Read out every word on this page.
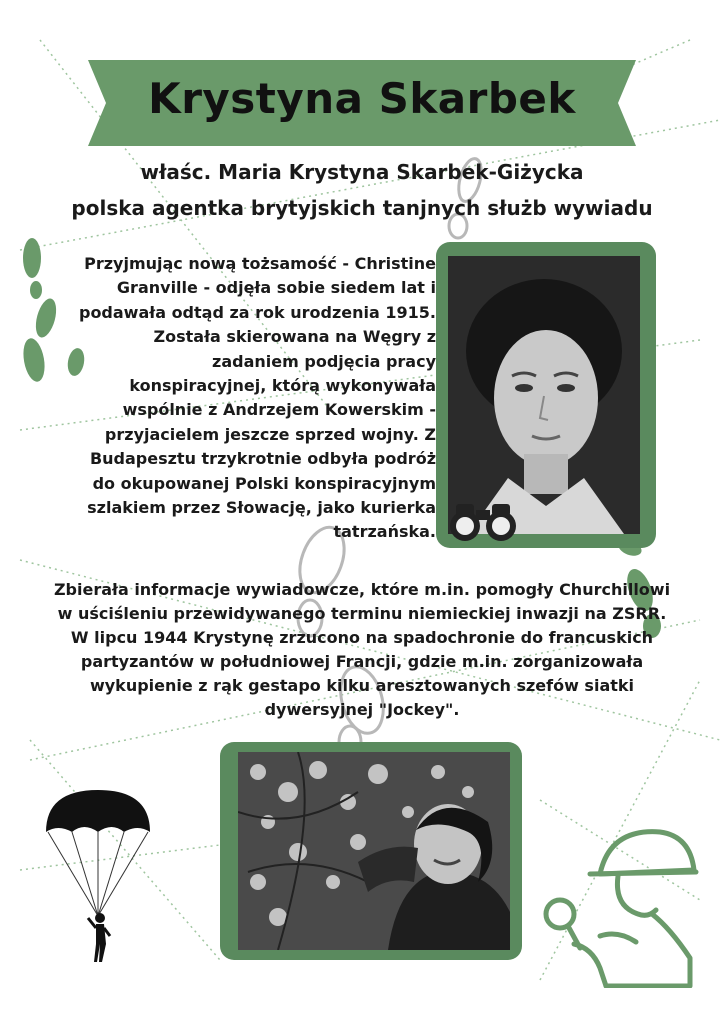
Krystyna Skarbek
właśc. Maria Krystyna Skarbek-Giżycka
polska agentka brytyjskich tanjnych służb wywiadu
Przyjmując nową tożsamość - Christine
Granville - odjęła sobie siedem lat i
podawała odtąd za rok urodzenia 1915.
Została skierowana na Węgry z
zadaniem podjęcia pracy
konspiracyjnej, którą wykonywała
wspólnie z Andrzejem Kowerskim -
przyjacielem jeszcze sprzed wojny. Z
Budapesztu trzykrotnie odbyła podróż
do okupowanej Polski konspiracyjnym
szlakiem przez Słowację, jako kurierka
tatrzańska.
Zbierała informacje wywiadowcze, które m.in. pomogły Churchillowi
w uściśleniu przewidywanego terminu niemieckiej inwazji na ZSRR.
W lipcu 1944 Krystynę zrzucono na spadochronie do francuskich
partyzantów w południowej Francji, gdzie m.in. zorganizowała
wykupienie z rąk gestapo kilku aresztowanych szefów siatki
dywersyjnej "Jockey".
